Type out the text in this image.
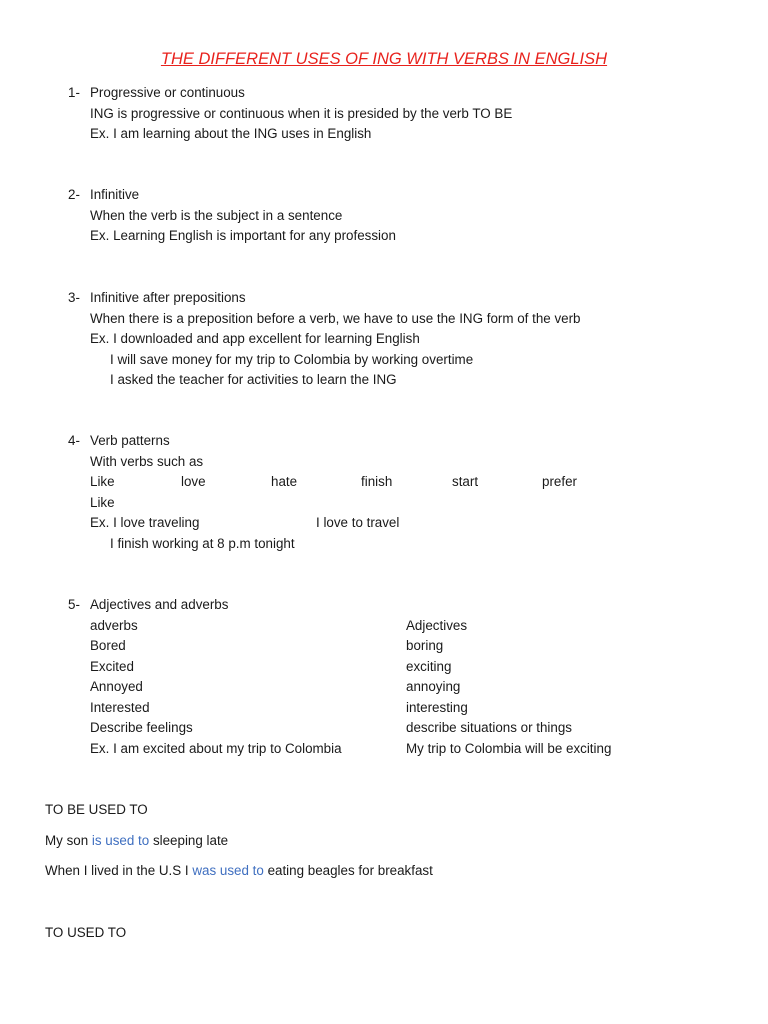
THE DIFFERENT USES OF ING WITH VERBS IN ENGLISH
1- Progressive or continuous
ING is progressive or continuous when it is presided by the verb TO BE
Ex. I am learning about the ING uses in English
2- Infinitive
When the verb is the subject in a sentence
Ex. Learning English is important for any profession
3- Infinitive after prepositions
When there is a preposition before a verb, we have to use the ING form of the verb
Ex. I downloaded and app excellent for learning English
I will save money for my trip to Colombia by working overtime
I asked the teacher for activities to learn the ING
4- Verb patterns
With verbs such as
Like	love	hate	finish	start	prefer
Like
Ex. I love traveling	I love to travel
I finish working at 8 p.m tonight
5- Adjectives and adverbs
adverbs	Adjectives
Bored	boring
Excited	exciting
Annoyed	annoying
Interested	interesting
Describe feelings	describe situations or things
Ex. I am excited about my trip to Colombia	My trip to Colombia will be exciting
TO BE USED TO
My son is used to sleeping late
When I lived in the U.S I was used to eating beagles for breakfast
TO USED TO
